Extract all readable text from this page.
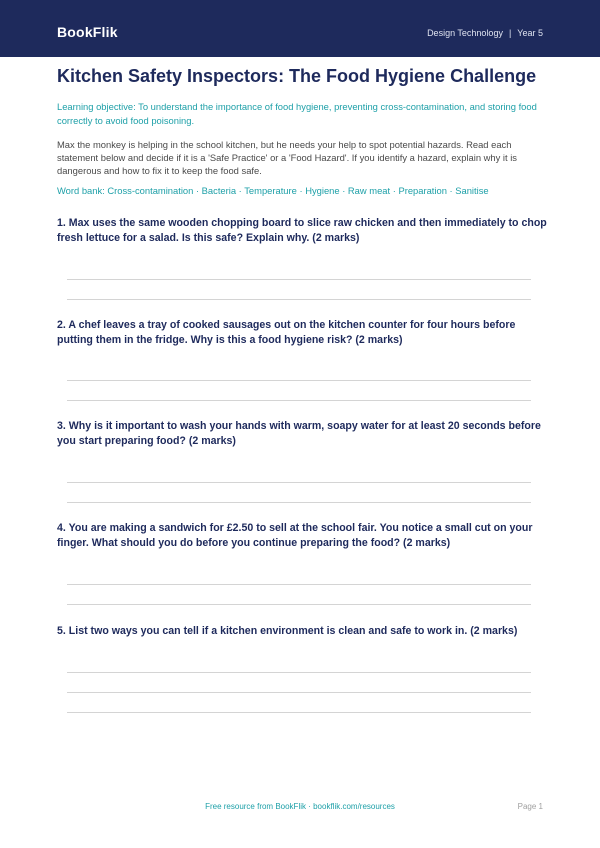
BookFlik	Design Technology | Year 5
Kitchen Safety Inspectors: The Food Hygiene Challenge
Learning objective: To understand the importance of food hygiene, preventing cross-contamination, and storing food correctly to avoid food poisoning.
Max the monkey is helping in the school kitchen, but he needs your help to spot potential hazards. Read each statement below and decide if it is a 'Safe Practice' or a 'Food Hazard'. If you identify a hazard, explain why it is dangerous and how to fix it to keep the food safe.
Word bank: Cross-contamination · Bacteria · Temperature · Hygiene · Raw meat · Preparation · Sanitise
1. Max uses the same wooden chopping board to slice raw chicken and then immediately to chop fresh lettuce for a salad. Is this safe? Explain why. (2 marks)
2. A chef leaves a tray of cooked sausages out on the kitchen counter for four hours before putting them in the fridge. Why is this a food hygiene risk? (2 marks)
3. Why is it important to wash your hands with warm, soapy water for at least 20 seconds before you start preparing food? (2 marks)
4. You are making a sandwich for £2.50 to sell at the school fair. You notice a small cut on your finger. What should you do before you continue preparing the food? (2 marks)
5. List two ways you can tell if a kitchen environment is clean and safe to work in. (2 marks)
Free resource from BookFlik · bookflik.com/resources	Page 1
